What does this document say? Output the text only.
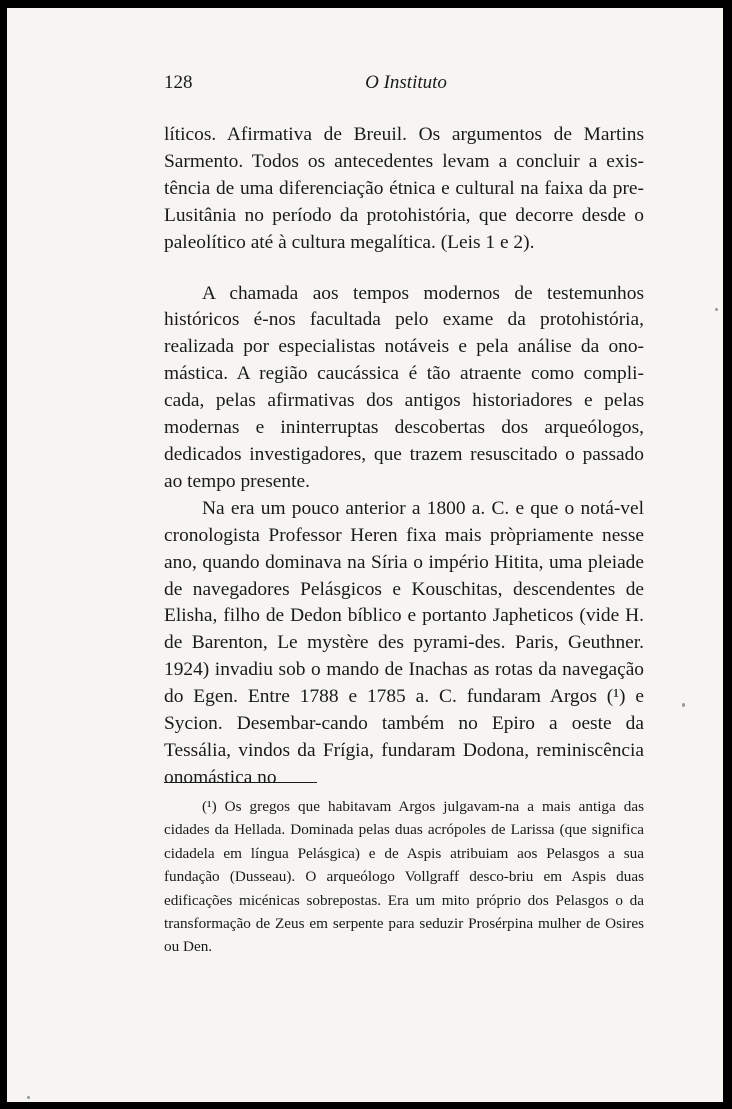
128	O Instituto

líticos. Afirmativa de Breuil. Os argumentos de Martins Sarmento. Todos os antecedentes levam a concluir a exis-tência de uma diferenciação étnica e cultural na faixa da pre-Lusitânia no período da protohistória, que decorre desde o paleolítico até à cultura megalítica. (Leis 1 e 2).

A chamada aos tempos modernos de testemunhos históricos é-nos facultada pelo exame da protohistória, realizada por especialistas notáveis e pela análise da ono-mástica. A região caucássica é tão atraente como compli-cada, pelas afirmativas dos antigos historiadores e pelas modernas e ininterruptas descobertas dos arqueólogos, dedicados investigadores, que trazem resuscitado o passado ao tempo presente.

Na era um pouco anterior a 1800 a. C. e que o notá-vel cronologista Professor Heren fixa mais pròpriamente nesse ano, quando dominava na Síria o império Hitita, uma pleiade de navegadores Pelásgicos e Kouschitas, descendentes de Elisha, filho de Dedon bíblico e portanto Japheticos (vide H. de Barenton, Le mystère des pyrami-des. Paris, Geuthner. 1924) invadiu sob o mando de Inachas as rotas da navegação do Egen. Entre 1788 e 1785 a. C. fundaram Argos (¹) e Sycion. Desembar-cando também no Epiro a oeste da Tessália, vindos da Frígia, fundaram Dodona, reminiscência onomástica no

(¹) Os gregos que habitavam Argos julgavam-na a mais antiga das cidades da Hellada. Dominada pelas duas acrópoles de Larissa (que significa cidadela em língua Pelásgica) e de Aspis atribuiam aos Pelasgos a sua fundação (Dusseau). O arqueólogo Vollgraff desco-briu em Aspis duas edificações micénicas sobrepostas. Era um mito próprio dos Pelasgos o da transformação de Zeus em serpente para seduzir Prosérpina mulher de Osires ou Den.
